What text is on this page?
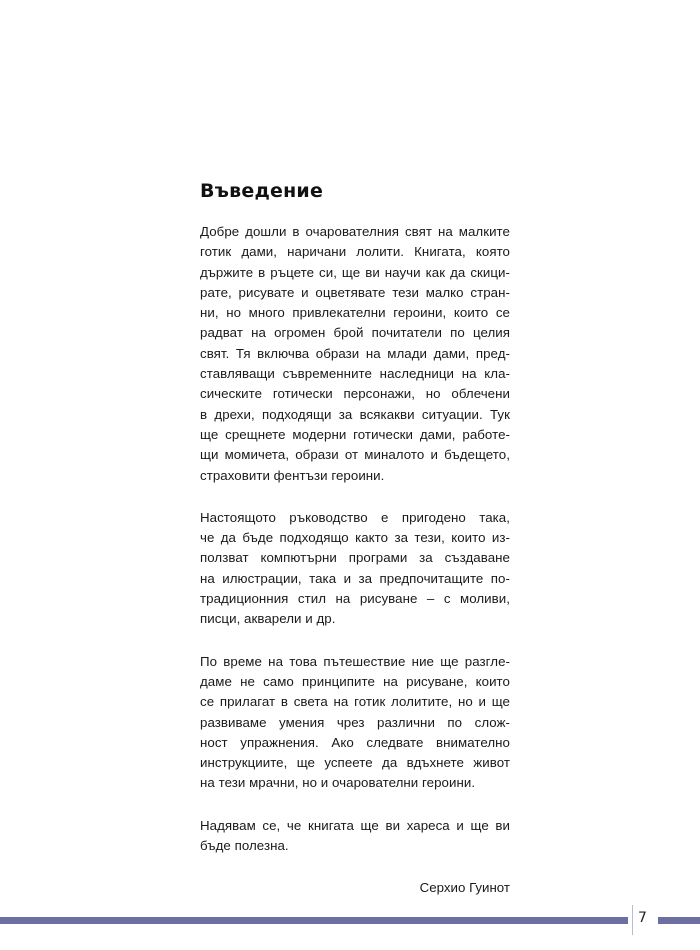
Въведение

Добре дошли в очарователния свят на малките
готик дами, наричани лолити. Книгата, която
държите в ръцете си, ще ви научи как да скици-
рате, рисувате и оцветявате тези малко стран-
ни, но много привлекателни героини, които се
радват на огромен брой почитатели по целия
свят. Тя включва образи на млади дами, пред-
ставляващи съвременните наследници на кла-
сическите готически персонажи, но облечени
в дрехи, подходящи за всякакви ситуации. Тук
ще срещнете модерни готически дами, работе-
щи момичета, образи от миналото и бъдещето,
страховити фентъзи героини.

Настоящото ръководство е пригодено така,
че да бъде подходящо както за тези, които из-
ползват компютърни програми за създаване
на илюстрации, така и за предпочитащите по-
традиционния стил на рисуване – с моливи,
писци, акварели и др.

По време на това пътешествие ние ще разгле-
даме не само принципите на рисуване, които
се прилагат в света на готик лолитите, но и ще
развиваме умения чрез различни по слож-
ност упражнения. Ако следвате внимателно
инструкциите, ще успеете да вдъхнете живот
на тези мрачни, но и очарователни героини.

Надявам се, че книгата ще ви хареса и ще ви
бъде полезна.

Серхио Гуинот

7
